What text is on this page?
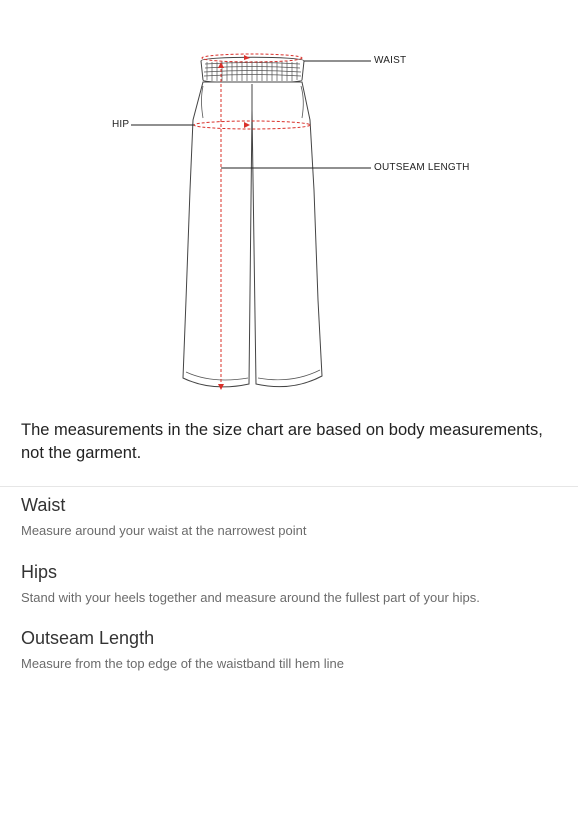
WAIST
HIP
OUTSEAM LENGTH

The measurements in the size chart are based on body measurements, not the garment.

Waist

Measure around your waist at the narrowest point

Hips

Stand with your heels together and measure around the fullest part of your hips.

Outseam Length

Measure from the top edge of the waistband till hem line
